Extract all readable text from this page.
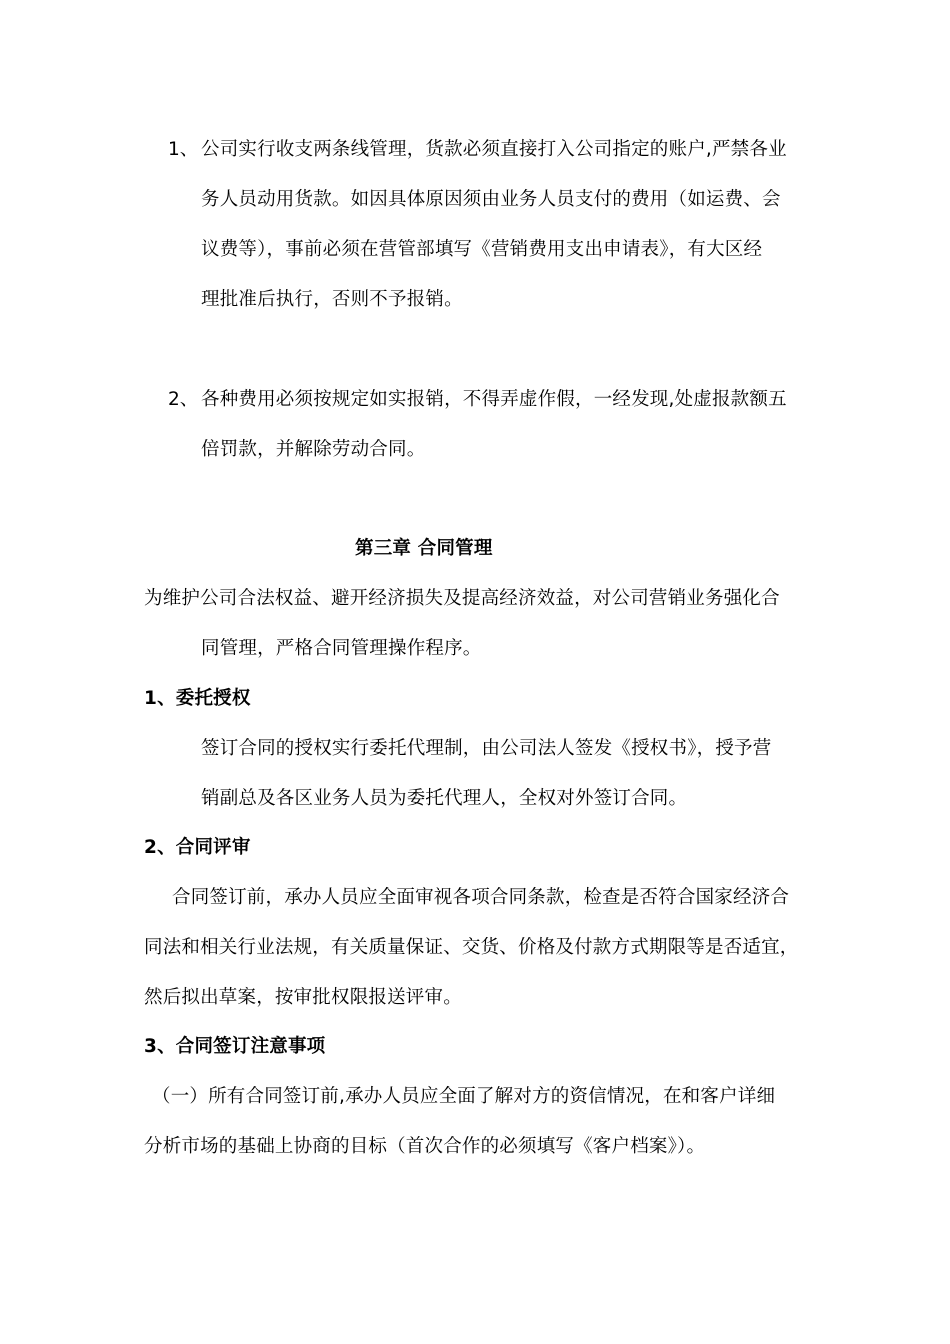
1、 公司实行收支两条线管理，货款必须直接打入公司指定的账户,严禁各业
务人员动用货款。如因具体原因须由业务人员支付的费用（如运费、会
议费等），事前必须在营管部填写《营销费用支出申请表》，有大区经
理批准后执行，否则不予报销。
2、 各种费用必须按规定如实报销，不得弄虚作假，一经发现,处虚报款额五
倍罚款，并解除劳动合同。
第三章 合同管理
为维护公司合法权益、避开经济损失及提高经济效益，对公司营销业务强化合
同管理，严格合同管理操作程序。
1、委托授权
签订合同的授权实行委托代理制，由公司法人签发《授权书》，授予营
销副总及各区业务人员为委托代理人，全权对外签订合同。
2、合同评审
合同签订前，承办人员应全面审视各项合同条款，检查是否符合国家经济合
同法和相关行业法规，有关质量保证、交货、价格及付款方式期限等是否适宜，
然后拟出草案，按审批权限报送评审。
3、合同签订注意事项
（一）所有合同签订前,承办人员应全面了解对方的资信情况，在和客户详细
分析市场的基础上协商的目标（首次合作的必须填写《客户档案》）。
